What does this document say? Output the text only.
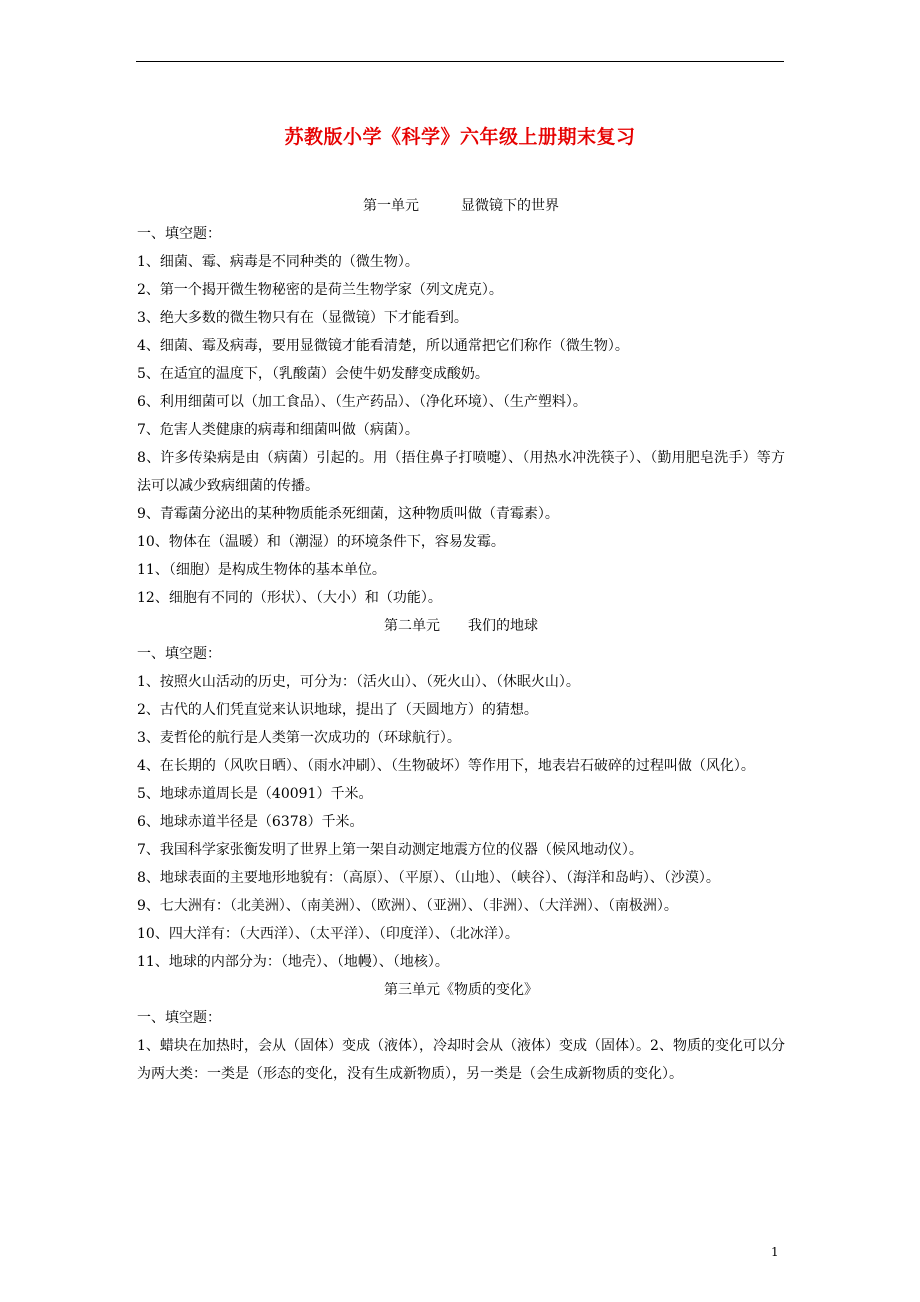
苏教版小学《科学》六年级上册期末复习
第一单元	显微镜下的世界
一、填空题：
1、细菌、霉、病毒是不同种类的（微生物）。
2、第一个揭开微生物秘密的是荷兰生物学家（列文虎克）。
3、绝大多数的微生物只有在（显微镜）下才能看到。
4、细菌、霉及病毒，要用显微镜才能看清楚，所以通常把它们称作（微生物）。
5、在适宜的温度下，（乳酸菌）会使牛奶发酵变成酸奶。
6、利用细菌可以（加工食品）、（生产药品）、（净化环境）、（生产塑料）。
7、危害人类健康的病毒和细菌叫做（病菌）。
8、许多传染病是由（病菌）引起的。用（捂住鼻子打喷嚏）、（用热水冲洗筷子）、（勤用肥皂洗手）等方法可以减少致病细菌的传播。
9、青霉菌分泌出的某种物质能杀死细菌，这种物质叫做（青霉素）。
10、物体在（温暖）和（潮湿）的环境条件下，容易发霉。
11、（细胞）是构成生物体的基本单位。
12、细胞有不同的（形状）、（大小）和（功能）。
第二单元 我们的地球
一、填空题：
1、按照火山活动的历史，可分为：（活火山）、（死火山）、（休眠火山）。
2、古代的人们凭直觉来认识地球，提出了（天圆地方）的猜想。
3、麦哲伦的航行是人类第一次成功的（环球航行）。
4、在长期的（风吹日晒）、（雨水冲刷）、（生物破坏）等作用下，地表岩石破碎的过程叫做（风化）。
5、地球赤道周长是（40091）千米。
6、地球赤道半径是（6378）千米。
7、我国科学家张衡发明了世界上第一架自动测定地震方位的仪器（候风地动仪）。
8、地球表面的主要地形地貌有：（高原）、（平原）、（山地）、（峡谷）、（海洋和岛屿）、（沙漠）。
9、七大洲有：（北美洲）、（南美洲）、（欧洲）、（亚洲）、（非洲）、（大洋洲）、（南极洲）。
10、四大洋有：（大西洋）、（太平洋）、（印度洋）、（北冰洋）。
11、地球的内部分为：（地壳）、（地幔）、（地核）。
第三单元《物质的变化》
一、填空题：
1、蜡块在加热时，会从（固体）变成（液体），冷却时会从（液体）变成（固体）。2、物质的变化可以分为两大类：一类是（形态的变化，没有生成新物质），另一类是（会生成新物质的变化）。
1
